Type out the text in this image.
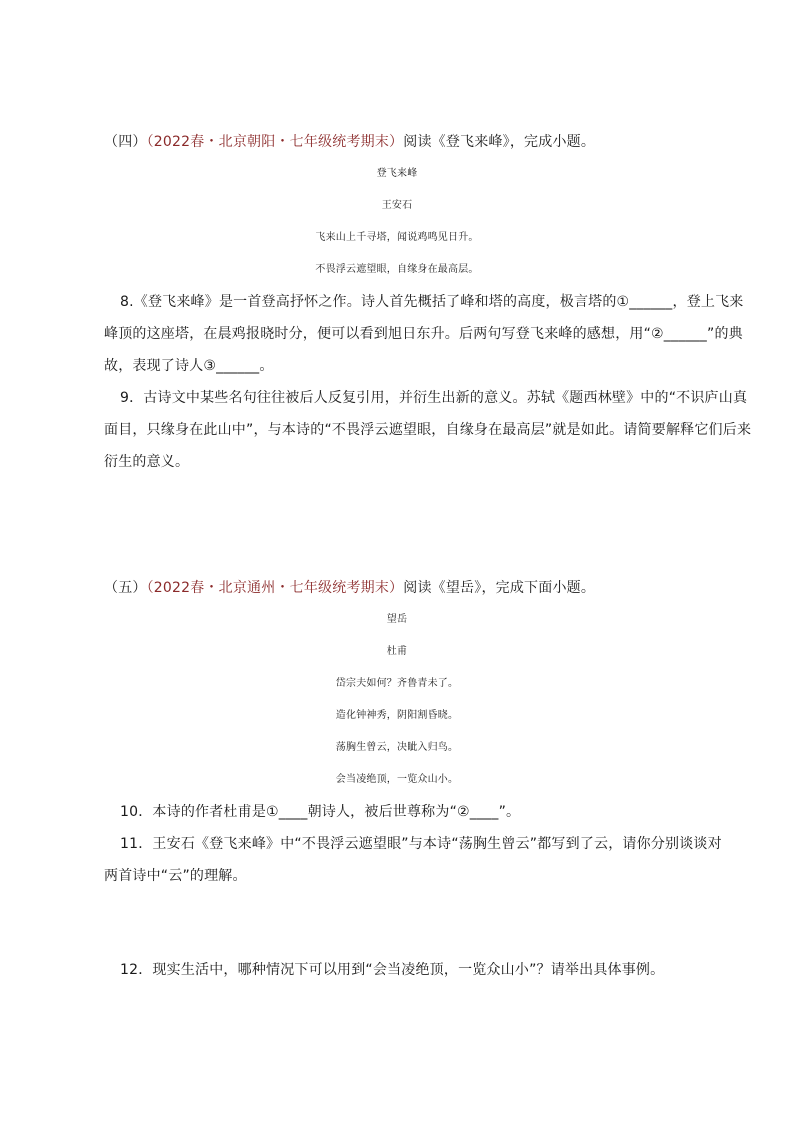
（四）（2022春・北京朝阳・七年级统考期末）阅读《登飞来峰》，完成小题。
登飞来峰
王安石
飞来山上千寻塔，闻说鸡鸣见日升。
不畏浮云遮望眼，自缘身在最高层。
8.《登飞来峰》是一首登高抒怀之作。诗人首先概括了峰和塔的高度，极言塔的①______，登上飞来
峰顶的这座塔，在晨鸡报晓时分，便可以看到旭日东升。后两句写登飞来峰的感想，用“②______”的典
故，表现了诗人③______。
9．古诗文中某些名句往往被后人反复引用，并衍生出新的意义。苏轼《题西林壁》中的“不识庐山真
面目，只缘身在此山中”，与本诗的“不畏浮云遮望眼，自缘身在最高层”就是如此。请简要解释它们后来
衍生的意义。
（五）（2022春・北京通州・七年级统考期末）阅读《望岳》，完成下面小题。
望岳
杜甫
岱宗夫如何？齐鲁青未了。
造化钟神秀，阴阳割昏晓。
荡胸生曾云，决眦入归鸟。
会当凌绝顶，一览众山小。
10．本诗的作者杜甫是①____朝诗人，被后世尊称为“②____”。
11．王安石《登飞来峰》中“不畏浮云遮望眼”与本诗“荡胸生曾云”都写到了云，请你分别谈谈对
两首诗中“云”的理解。
12．现实生活中，哪种情况下可以用到“会当凌绝顶，一览众山小”？请举出具体事例。
